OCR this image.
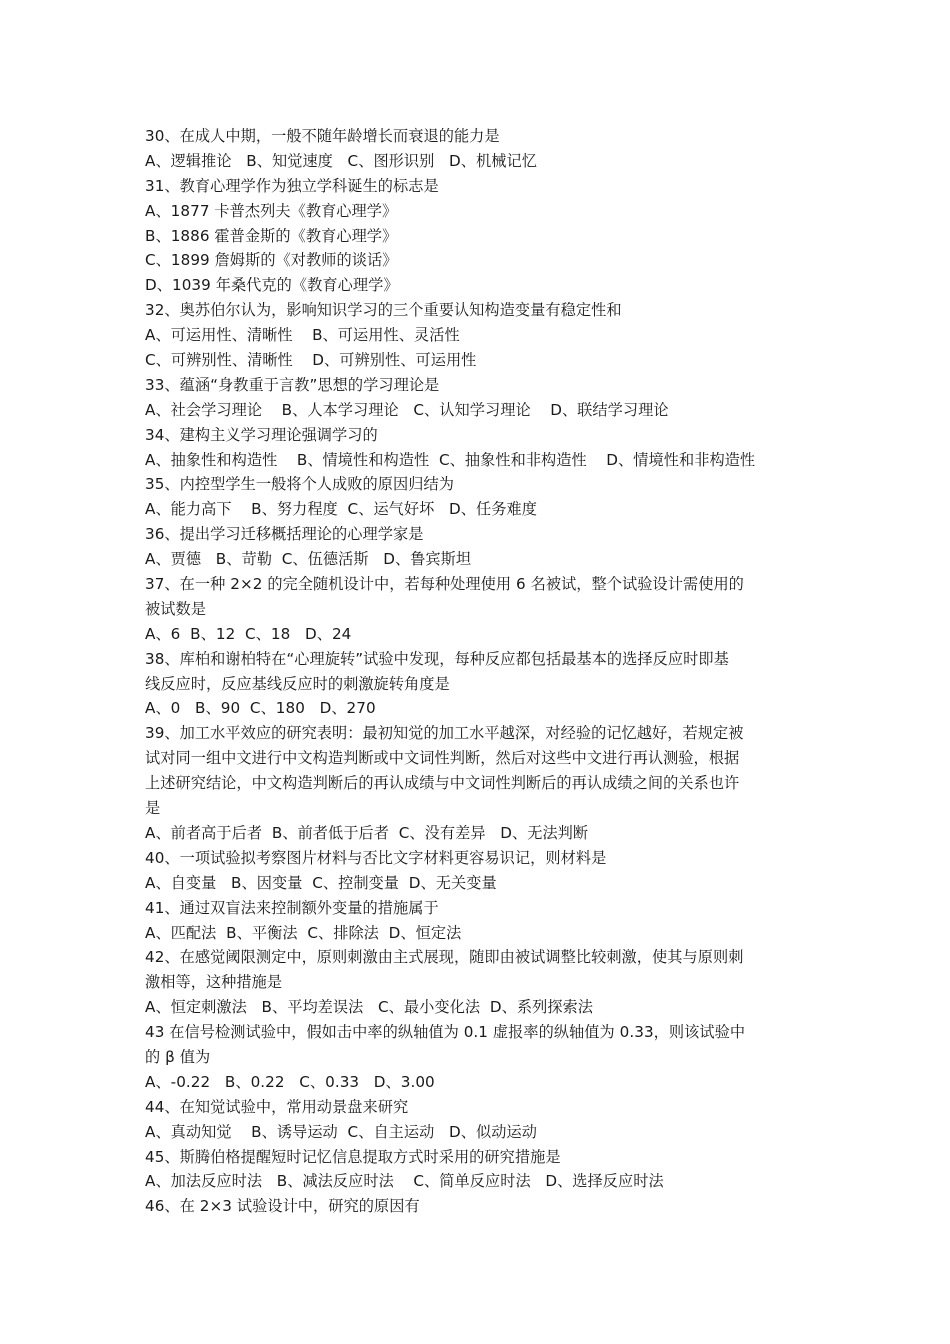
30、在成人中期，一般不随年龄增长而衰退的能力是
A、逻辑推论   B、知觉速度   C、图形识别   D、机械记忆
31、教育心理学作为独立学科诞生的标志是
A、1877 卡普杰列夫《教育心理学》
B、1886 霍普金斯的《教育心理学》
C、1899 詹姆斯的《对教师的谈话》
D、1039 年桑代克的《教育心理学》
32、奥苏伯尔认为，影响知识学习的三个重要认知构造变量有稳定性和
A、可运用性、清晰性    B、可运用性、灵活性
C、可辨别性、清晰性    D、可辨别性、可运用性
33、蕴涵“身教重于言教”思想的学习理论是
A、社会学习理论    B、人本学习理论   C、认知学习理论    D、联结学习理论
34、建构主义学习理论强调学习的
A、抽象性和构造性    B、情境性和构造性  C、抽象性和非构造性    D、情境性和非构造性
35、内控型学生一般将个人成败的原因归结为
A、能力高下    B、努力程度  C、运气好坏   D、任务难度
36、提出学习迁移概括理论的心理学家是
A、贾德   B、苛勒  C、伍德活斯   D、鲁宾斯坦
37、在一种 2×2 的完全随机设计中，若每种处理使用 6 名被试，整个试验设计需使用的
被试数是
A、6  B、12  C、18   D、24
38、库柏和谢柏特在“心理旋转”试验中发现，每种反应都包括最基本的选择反应时即基
线反应时，反应基线反应时的刺激旋转角度是
A、0   B、90  C、180   D、270
39、加工水平效应的研究表明：最初知觉的加工水平越深，对经验的记忆越好，若规定被
试对同一组中文进行中文构造判断或中文词性判断，然后对这些中文进行再认测验，根据
上述研究结论，中文构造判断后的再认成绩与中文词性判断后的再认成绩之间的关系也许
是
A、前者高于后者  B、前者低于后者  C、没有差异   D、无法判断
40、一项试验拟考察图片材料与否比文字材料更容易识记，则材料是
A、自变量   B、因变量  C、控制变量  D、无关变量
41、通过双盲法来控制额外变量的措施属于
A、匹配法  B、平衡法  C、排除法  D、恒定法
42、在感觉阈限测定中，原则刺激由主式展现，随即由被试调整比较刺激，使其与原则刺
激相等，这种措施是
A、恒定刺激法   B、平均差误法   C、最小变化法  D、系列探索法
43 在信号检测试验中，假如击中率的纵轴值为 0.1 虚报率的纵轴值为 0.33，则该试验中
的 β 值为
A、-0.22   B、0.22   C、0.33   D、3.00
44、在知觉试验中，常用动景盘来研究
A、真动知觉    B、诱导运动  C、自主运动   D、似动运动
45、斯腾伯格提醒短时记忆信息提取方式时采用的研究措施是
A、加法反应时法   B、减法反应时法    C、简单反应时法   D、选择反应时法
46、在 2×3 试验设计中，研究的原因有
